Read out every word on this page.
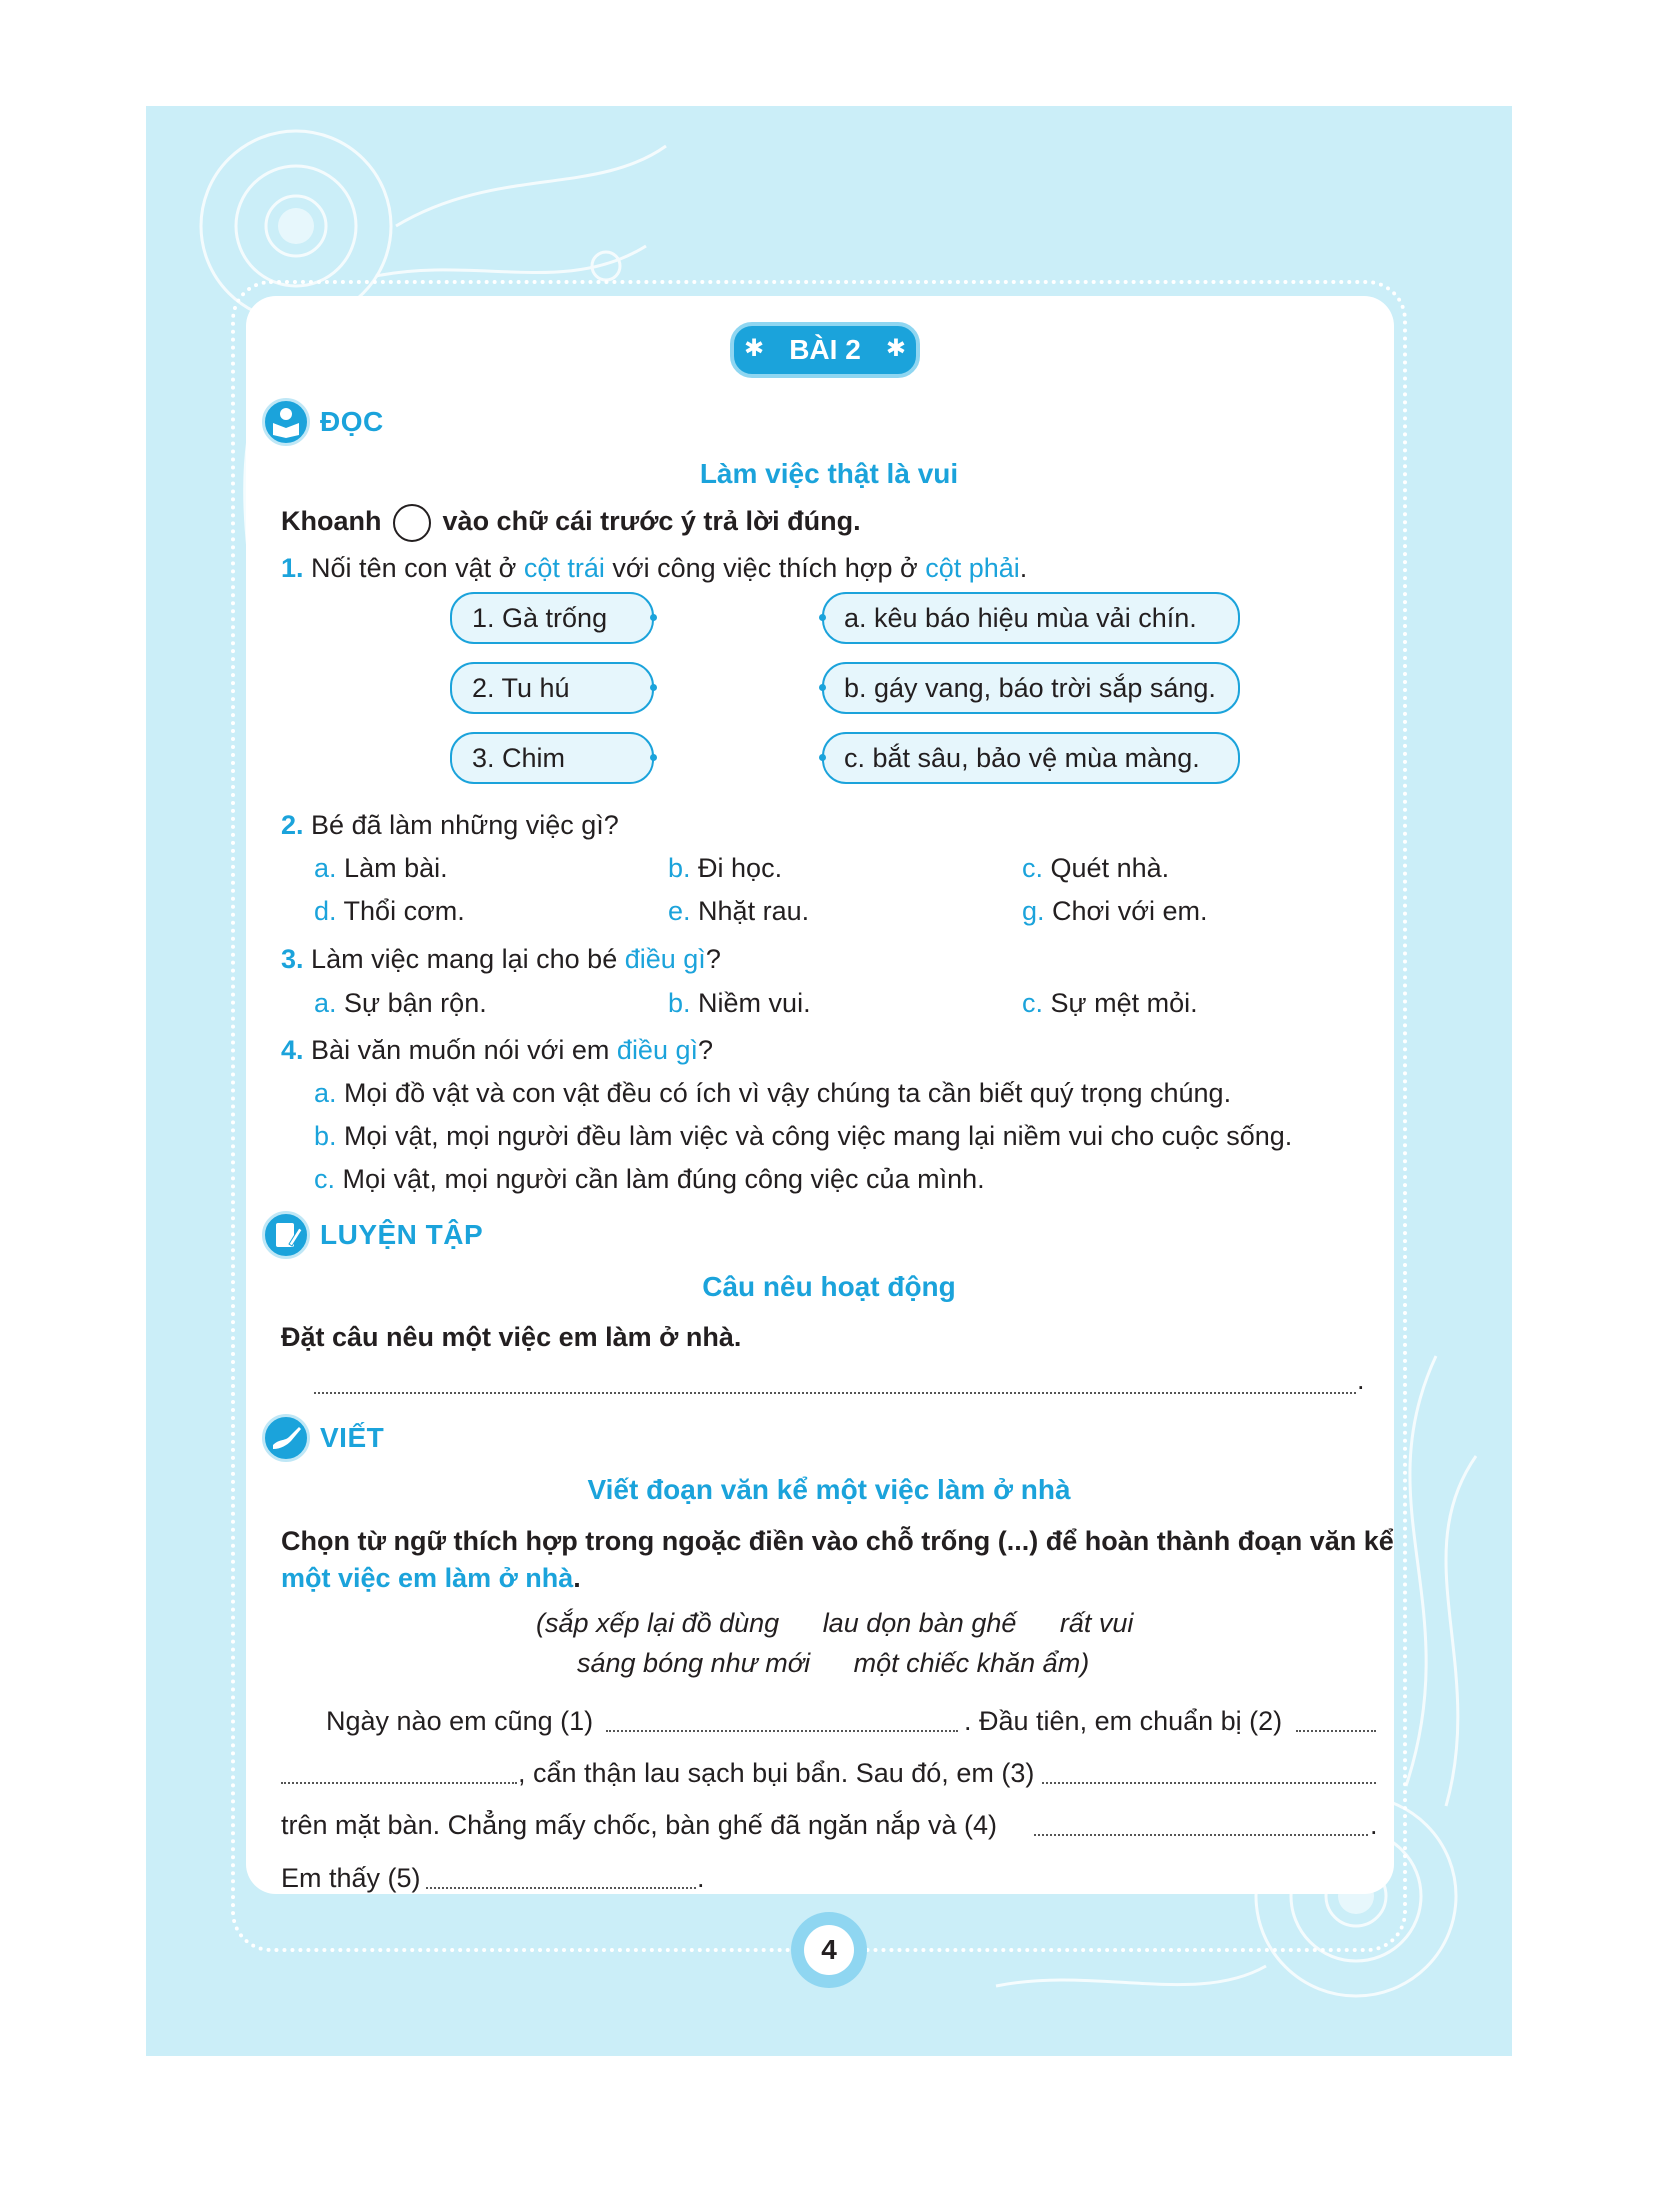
✱ BÀI 2 ✱
ĐỌC
Làm việc thật là vui
Khoanh vào chữ cái trước ý trả lời đúng.
1. Nối tên con vật ở cột trái với công việc thích hợp ở cột phải.
1. Gà trống
2. Tu hú
3. Chim
a. kêu báo hiệu mùa vải chín.
b. gáy vang, báo trời sắp sáng.
c. bắt sâu, bảo vệ mùa màng.
2. Bé đã làm những việc gì?
a. Làm bài.	b. Đi học.	c. Quét nhà.
d. Thổi cơm.	e. Nhặt rau.	g. Chơi với em.
3. Làm việc mang lại cho bé điều gì?
a. Sự bận rộn.	b. Niềm vui.	c. Sự mệt mỏi.
4. Bài văn muốn nói với em điều gì?
a. Mọi đồ vật và con vật đều có ích vì vậy chúng ta cần biết quý trọng chúng.
b. Mọi vật, mọi người đều làm việc và công việc mang lại niềm vui cho cuộc sống.
c. Mọi vật, mọi người cần làm đúng công việc của mình.
LUYỆN TẬP
Câu nêu hoạt động
Đặt câu nêu một việc em làm ở nhà.
.
VIẾT
Viết đoạn văn kể một việc làm ở nhà
Chọn từ ngữ thích hợp trong ngoặc điền vào chỗ trống (...) để hoàn thành đoạn văn kể
một việc em làm ở nhà.
(sắp xếp lại đồ dùng lau dọn bàn ghế rất vui
sáng bóng như mới một chiếc khăn ẩm)
Ngày nào em cũng (1)	. Đầu tiên, em chuẩn bị (2)
, cẩn thận lau sạch bụi bẩn. Sau đó, em (3)
trên mặt bàn. Chẳng mấy chốc, bàn ghế đã ngăn nắp và (4)	.
Em thấy (5)	.
4
